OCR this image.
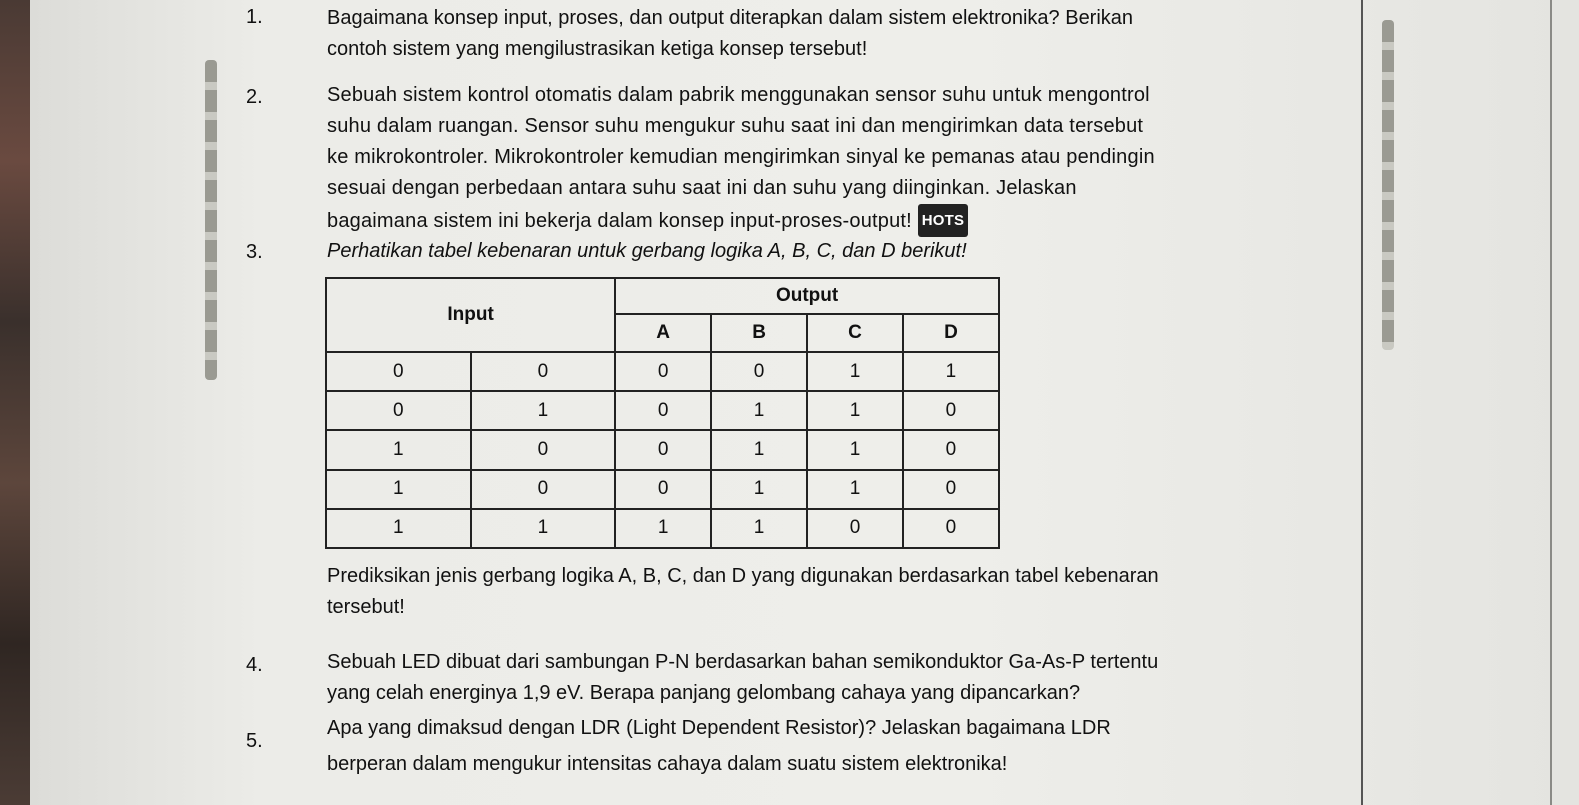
1.	Bagaimana konsep input, proses, dan output diterapkan dalam sistem elektronika? Berikan
contoh sistem yang mengilustrasikan ketiga konsep tersebut!
2.	Sebuah sistem kontrol otomatis dalam pabrik menggunakan sensor suhu untuk mengontrol
suhu dalam ruangan. Sensor suhu mengukur suhu saat ini dan mengirimkan data tersebut
ke mikrokontroler. Mikrokontroler kemudian mengirimkan sinyal ke pemanas atau pendingin
sesuai dengan perbedaan antara suhu saat ini dan suhu yang diinginkan. Jelaskan
bagaimana sistem ini bekerja dalam konsep input-proses-output! HOTS
3.	Perhatikan tabel kebenaran untuk gerbang logika A, B, C, dan D berikut!
Input		Output			
		A	B	C	D
0	0	0	0	1	1
0	1	0	1	1	0
1	0	0	1	1	0
1	0	0	1	1	0
1	1	1	1	0	0
Prediksikan jenis gerbang logika A, B, C, dan D yang digunakan berdasarkan tabel kebenaran
tersebut!
4.	Sebuah LED dibuat dari sambungan P-N berdasarkan bahan semikonduktor Ga-As-P tertentu
yang celah energinya 1,9 eV. Berapa panjang gelombang cahaya yang dipancarkan?
5.
Apa yang dimaksud dengan LDR (Light Dependent Resistor)? Jelaskan bagaimana LDR
berperan dalam mengukur intensitas cahaya dalam suatu sistem elektronika!
